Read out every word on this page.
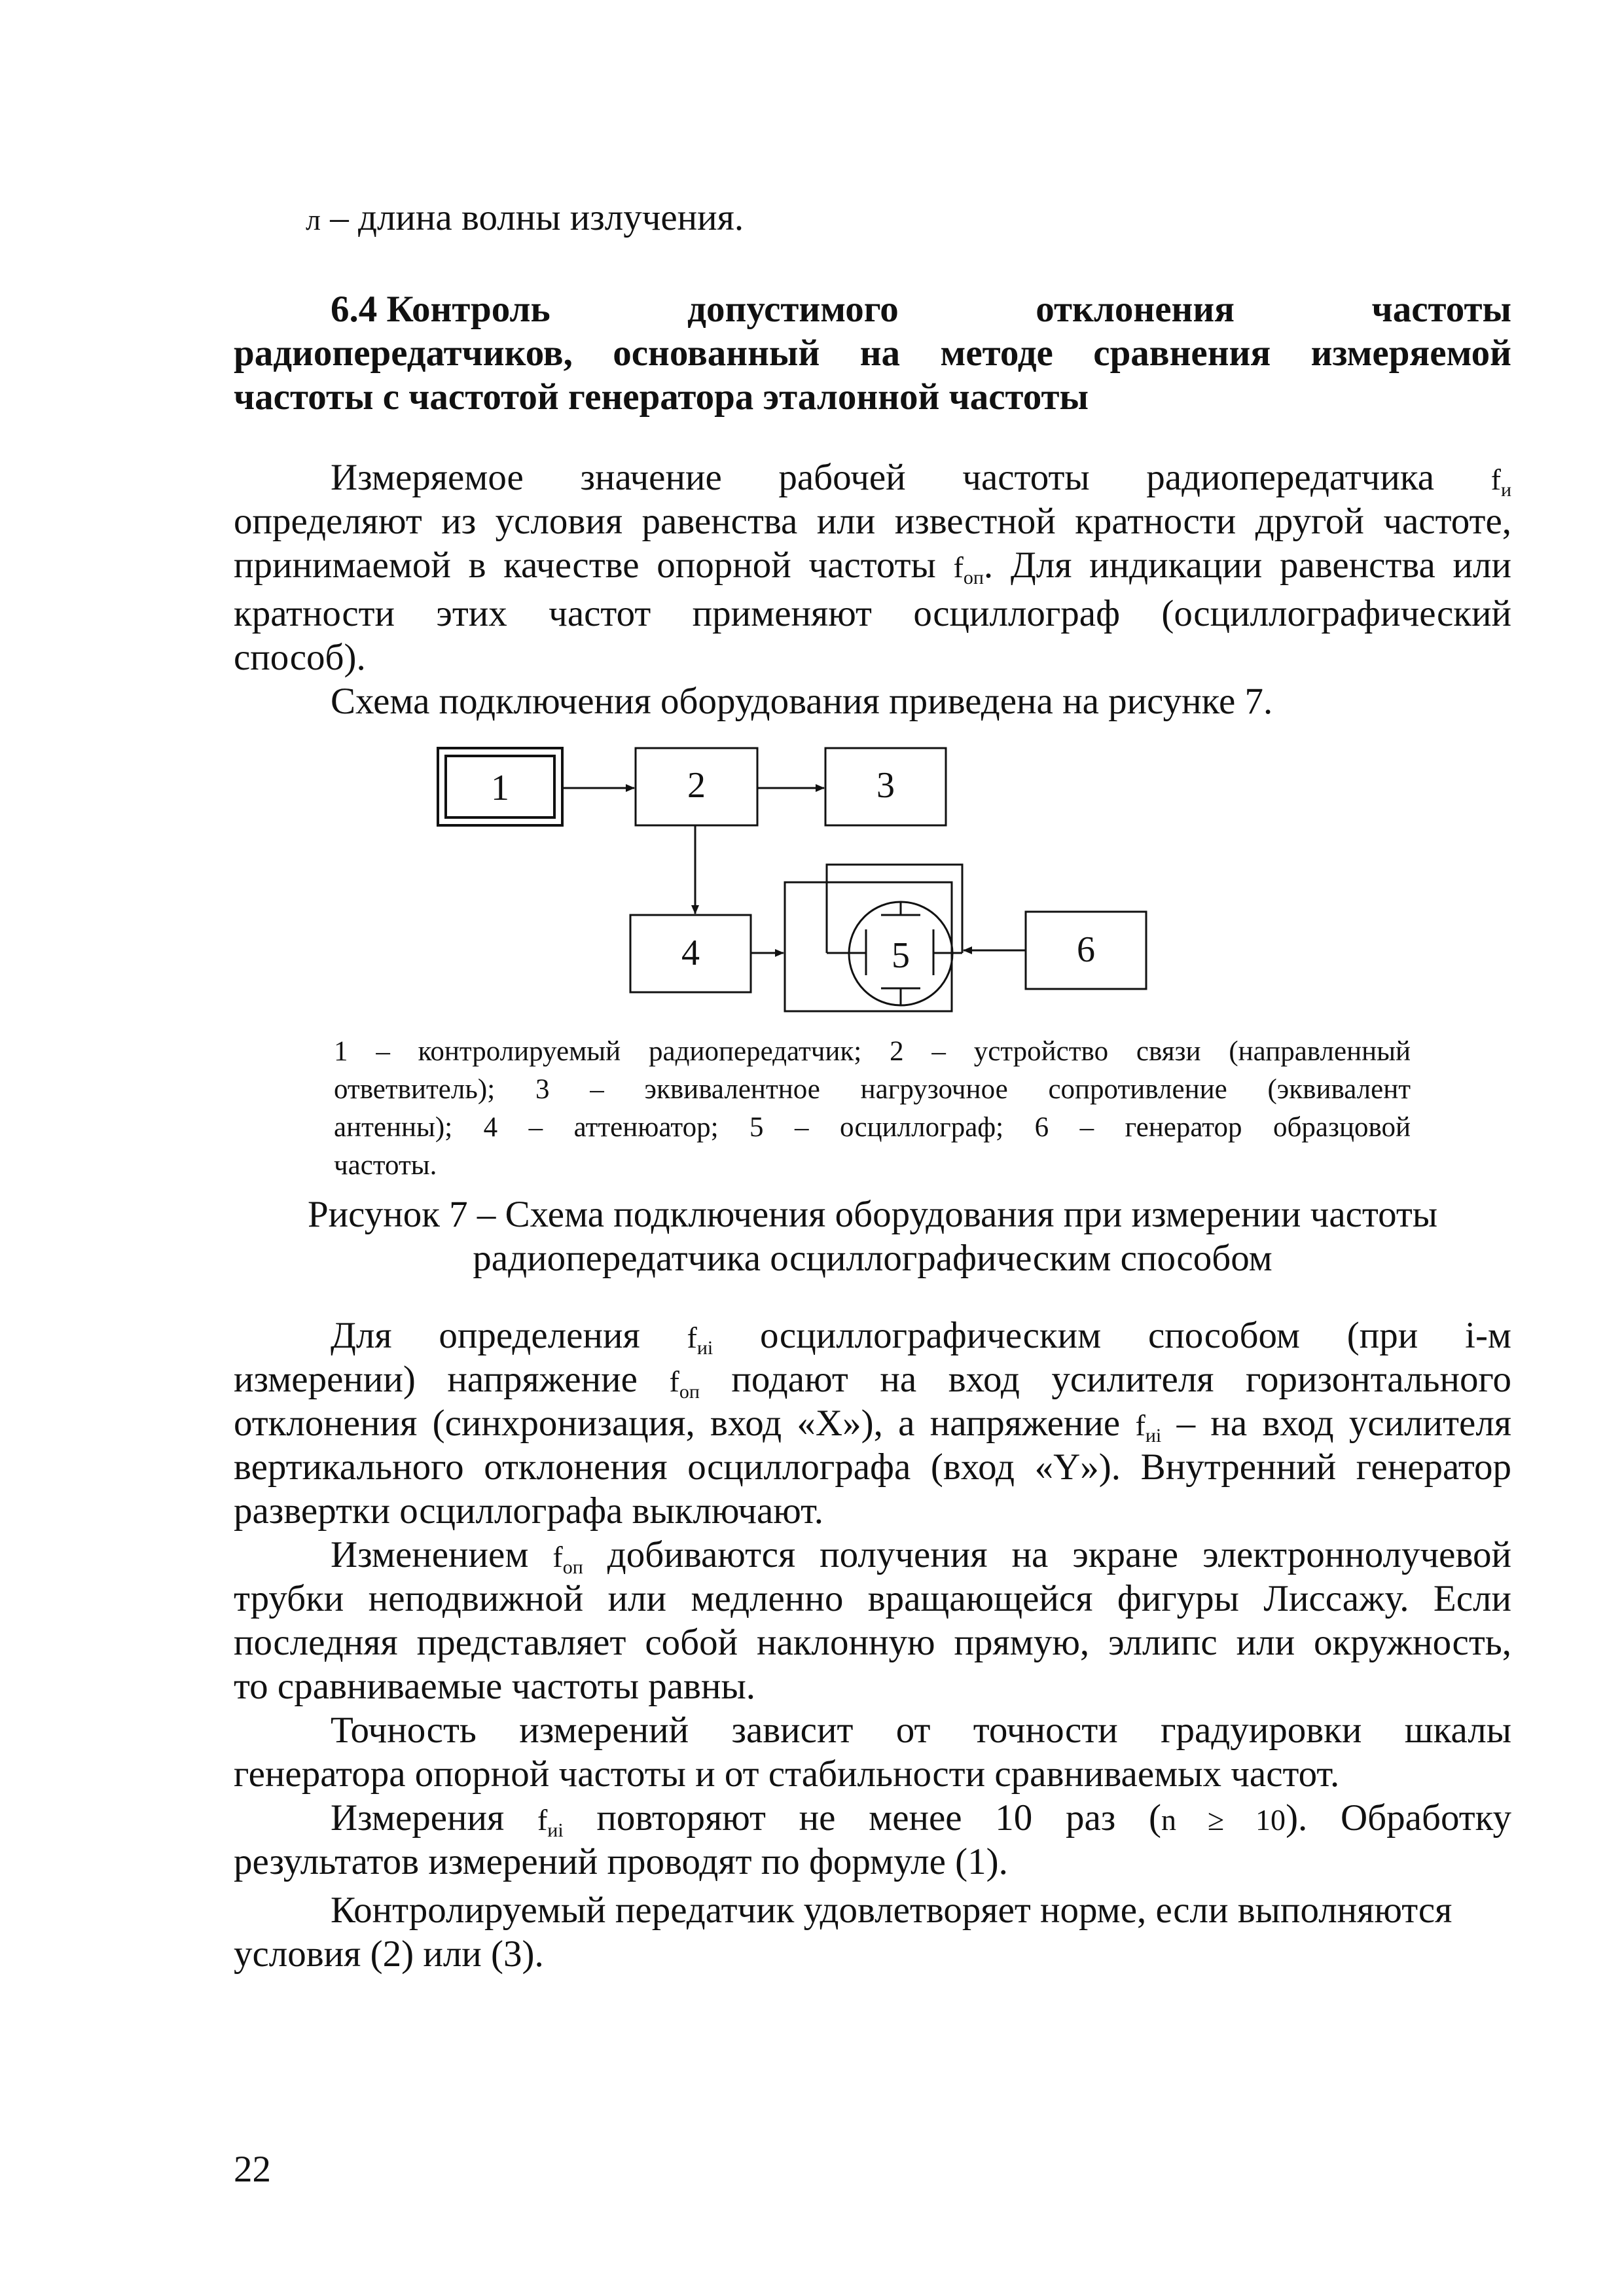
л – длина волны излучения.
6.4 Контроль	допустимого	отклонения	частоты
радиопередатчиков, основанный на методе сравнения измеряемой
частоты с частотой генератора эталонной частоты
Измеряемое значение рабочей частоты радиопередатчика $f_и$
определяют из условия равенства или известной кратности другой частоте,
принимаемой в качестве опорной частоты $f_{оп}$. Для индикации равенства или
кратности этих частот применяют осциллограф (осциллографический
способ).
Схема подключения оборудования приведена на рисунке 7.
1	2	3
4	5	6
1 – контролируемый радиопередатчик; 2 – устройство связи (направленный
ответвитель); 3 – эквивалентное нагрузочное сопротивление (эквивалент
антенны); 4 – аттенюатор; 5 – осциллограф; 6 – генератор образцовой
частоты.
Рисунок 7 – Схема подключения оборудования при измерении частоты
радиопередатчика осциллографическим способом
Для определения $f_{иi}$ осциллографическим способом (при i-м
измерении) напряжение $f_{оп}$ подают на вход усилителя горизонтального
отклонения (синхронизация, вход «X»), а напряжение $f_{иi}$ – на вход усилителя
вертикального отклонения осциллографа (вход «Y»). Внутренний генератор
развертки осциллографа выключают.
Изменением $f_{оп}$ добиваются получения на экране электроннолучевой
трубки неподвижной или медленно вращающейся фигуры Лиссажу. Если
последняя представляет собой наклонную прямую, эллипс или окружность,
то сравниваемые частоты равны.
Точность измерений зависит от точности градуировки шкалы
генератора опорной частоты и от стабильности сравниваемых частот.
Измерения $f_{иi}$ повторяют не менее 10 раз (n ≥ 10). Обработку
результатов измерений проводят по формуле (1).
Контролируемый передатчик удовлетворяет норме, если выполняются
условия (2) или (3).
22
